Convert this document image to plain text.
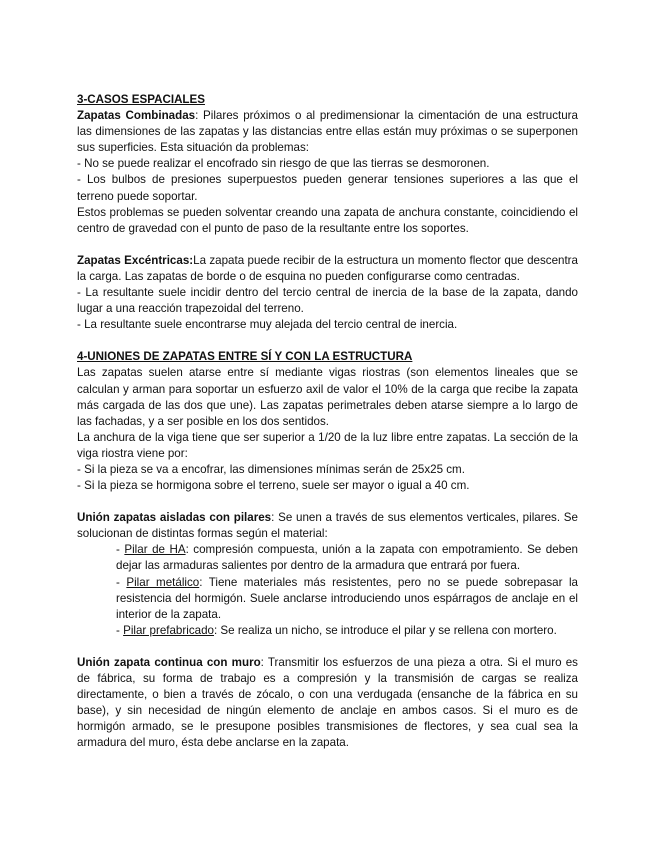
3-CASOS ESPACIALES

Zapatas Combinadas: Pilares próximos o al predimensionar la cimentación de una estructura las dimensiones de las zapatas y las distancias entre ellas están muy próximas o se superponen sus superficies. Esta situación da problemas:

- No se puede realizar el encofrado sin riesgo de que las tierras se desmoronen.

- Los bulbos de presiones superpuestos pueden generar tensiones superiores a las que el terreno puede soportar.

Estos problemas se pueden solventar creando una zapata de anchura constante, coincidiendo el centro de gravedad con el punto de paso de la resultante entre los soportes.

Zapatas Excéntricas:La zapata puede recibir de la estructura un momento flector que descentra la carga. Las zapatas de borde o de esquina no pueden configurarse como centradas.

- La resultante suele incidir dentro del tercio central de inercia de la base de la zapata, dando lugar a una reacción trapezoidal del terreno.

- La resultante suele encontrarse muy alejada del tercio central de inercia.

4-UNIONES DE ZAPATAS ENTRE SÍ Y CON LA ESTRUCTURA

Las zapatas suelen atarse entre sí mediante vigas riostras (son elementos lineales que se calculan y arman para soportar un esfuerzo axil de valor el 10% de la carga que recibe la zapata más cargada de las dos que une). Las zapatas perimetrales deben atarse siempre a lo largo de las fachadas, y a ser posible en los dos sentidos.

La anchura de la viga tiene que ser superior a 1/20 de la luz libre entre zapatas. La sección de la viga riostra viene por:

- Si la pieza se va a encofrar, las dimensiones mínimas serán de 25x25 cm.

- Si la pieza se hormigona sobre el terreno, suele ser mayor o igual a 40 cm.

Unión zapatas aisladas con pilares: Se unen a través de sus elementos verticales, pilares. Se solucionan de distintas formas según el material:

- Pilar de HA: compresión compuesta, unión a la zapata con empotramiento. Se deben dejar las armaduras salientes por dentro de la armadura que entrará por fuera.

- Pilar metálico: Tiene materiales más resistentes, pero no se puede sobrepasar la resistencia del hormigón. Suele anclarse introduciendo unos espárragos de anclaje en el interior de la zapata.

- Pilar prefabricado: Se realiza un nicho, se introduce el pilar y se rellena con mortero.

Unión zapata continua con muro: Transmitir los esfuerzos de una pieza a otra. Si el muro es de fábrica, su forma de trabajo es a compresión y la transmisión de cargas se realiza directamente, o bien a través de zócalo, o con una verdugada (ensanche de la fábrica en su base), y sin necesidad de ningún elemento de anclaje en ambos casos. Si el muro es de hormigón armado, se le presupone posibles transmisiones de flectores, y sea cual sea la armadura del muro, ésta debe anclarse en la zapata.
